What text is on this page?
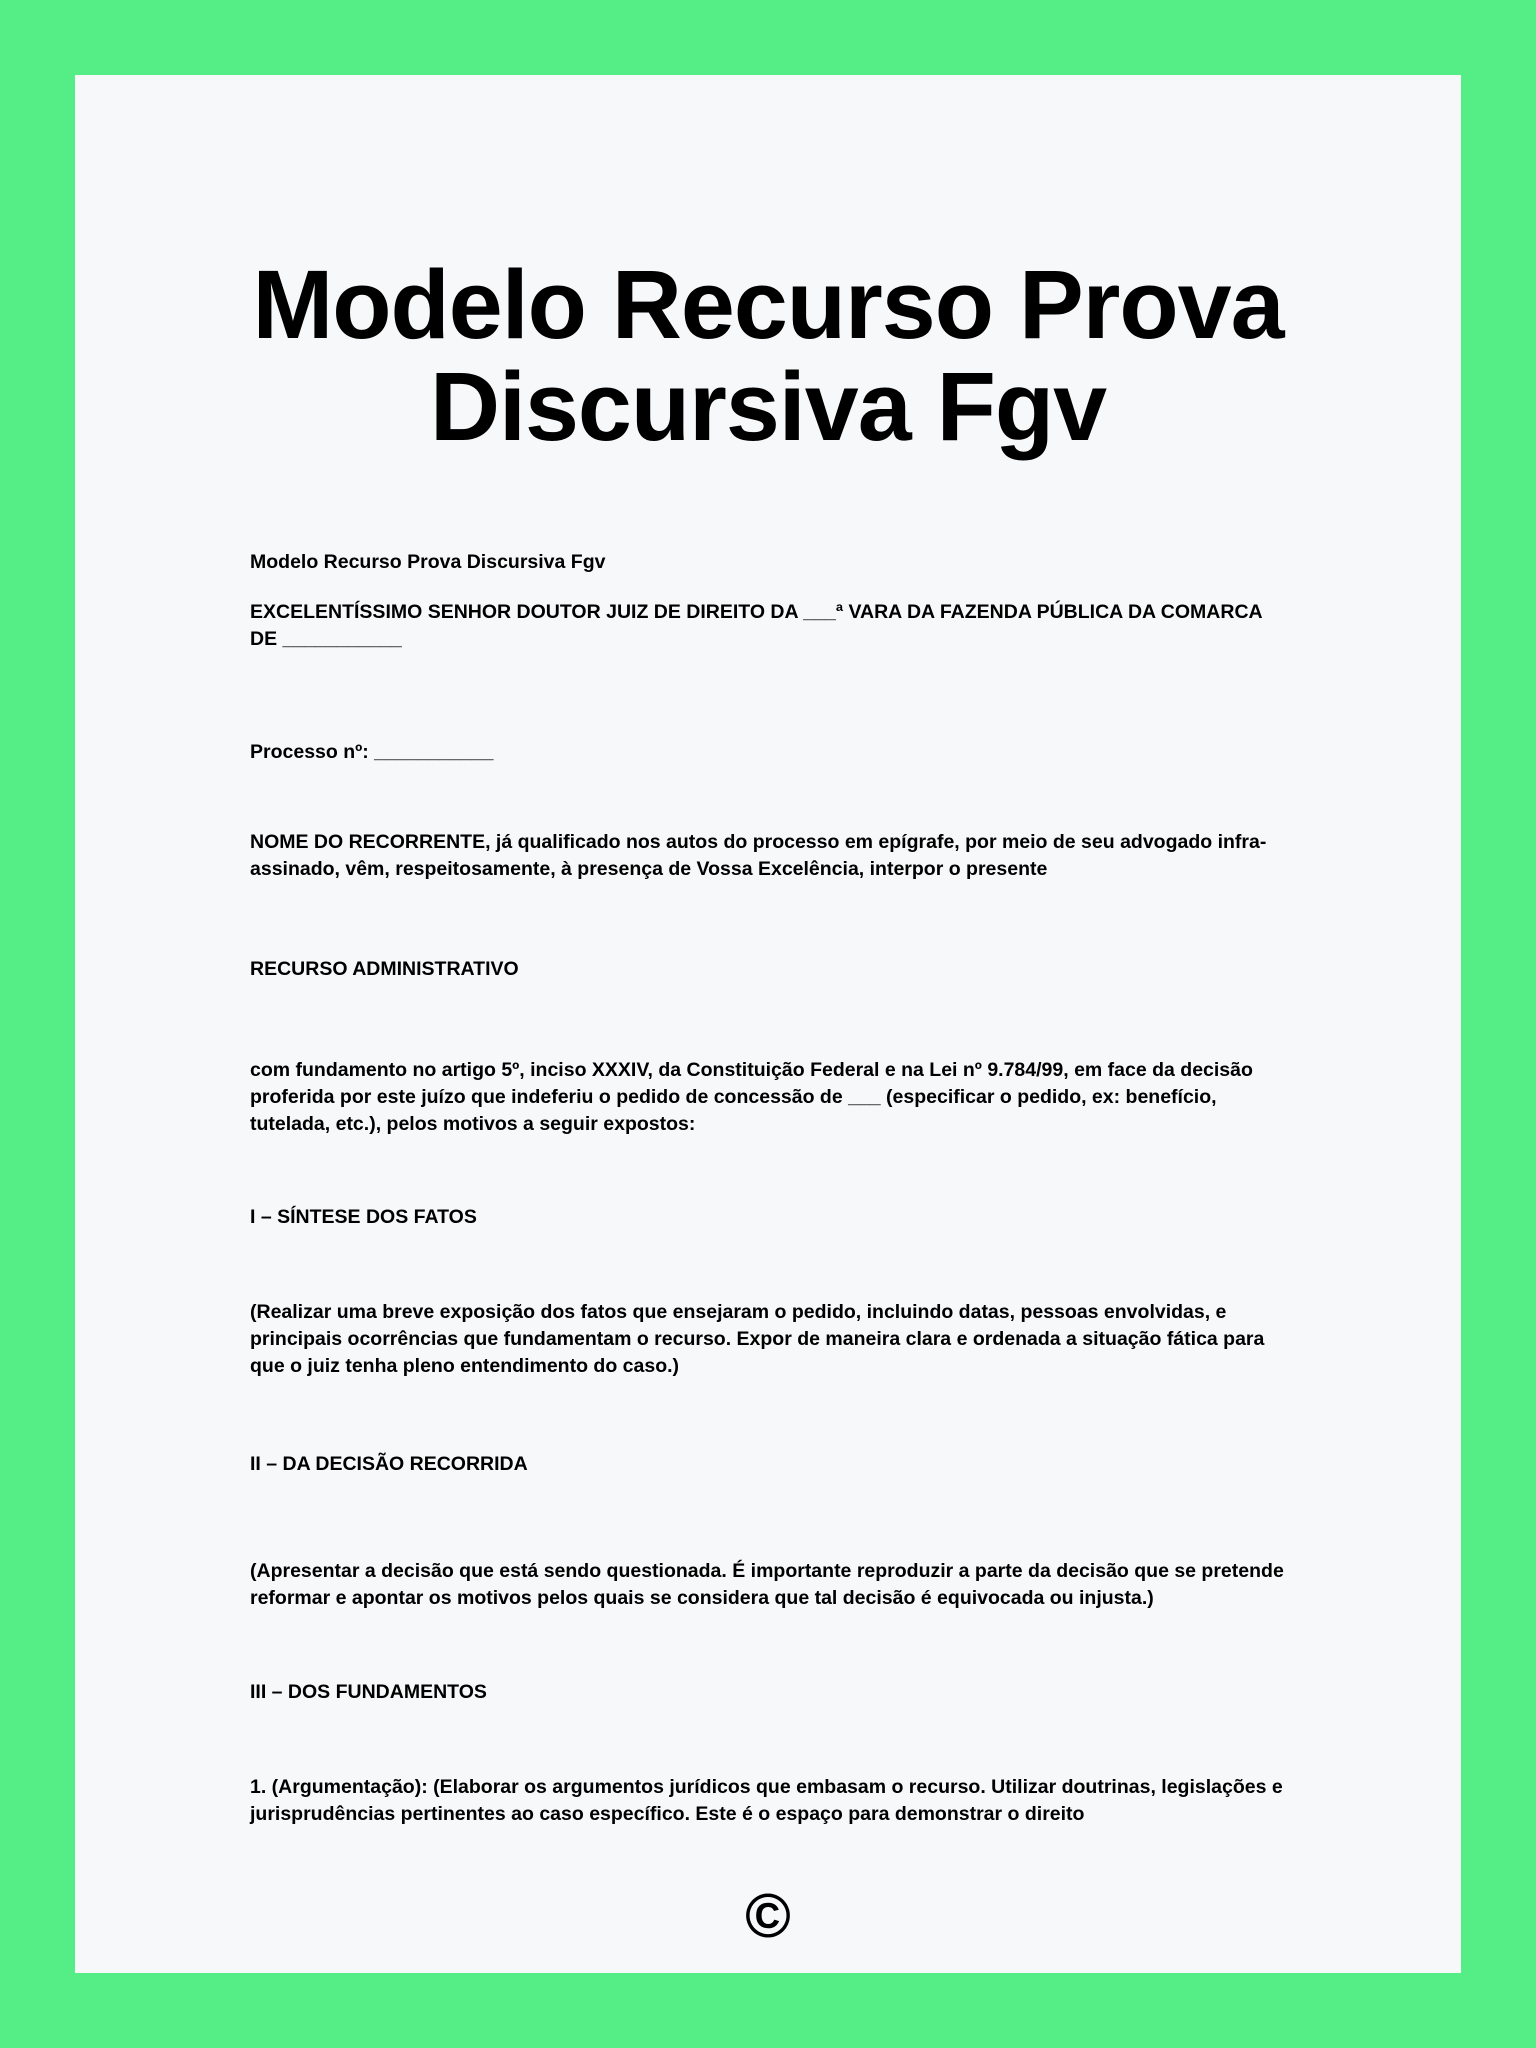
Modelo Recurso Prova Discursiva Fgv

Modelo Recurso Prova Discursiva Fgv

EXCELENTÍSSIMO SENHOR DOUTOR JUIZ DE DIREITO DA ___ª VARA DA FAZENDA PÚBLICA DA COMARCA DE ___________

Processo nº: ___________

NOME DO RECORRENTE, já qualificado nos autos do processo em epígrafe, por meio de seu advogado infra-assinado, vêm, respeitosamente, à presença de Vossa Excelência, interpor o presente

RECURSO ADMINISTRATIVO

com fundamento no artigo 5º, inciso XXXIV, da Constituição Federal e na Lei nº 9.784/99, em face da decisão proferida por este juízo que indeferiu o pedido de concessão de ___ (especificar o pedido, ex: benefício, tutelada, etc.), pelos motivos a seguir expostos:

I – SÍNTESE DOS FATOS

(Realizar uma breve exposição dos fatos que ensejaram o pedido, incluindo datas, pessoas envolvidas, e principais ocorrências que fundamentam o recurso. Expor de maneira clara e ordenada a situação fática para que o juiz tenha pleno entendimento do caso.)

II – DA DECISÃO RECORRIDA

(Apresentar a decisão que está sendo questionada. É importante reproduzir a parte da decisão que se pretende reformar e apontar os motivos pelos quais se considera que tal decisão é equivocada ou injusta.)

III – DOS FUNDAMENTOS

1. (Argumentação): (Elaborar os argumentos jurídicos que embasam o recurso. Utilizar doutrinas, legislações e jurisprudências pertinentes ao caso específico. Este é o espaço para demonstrar o direito

©
